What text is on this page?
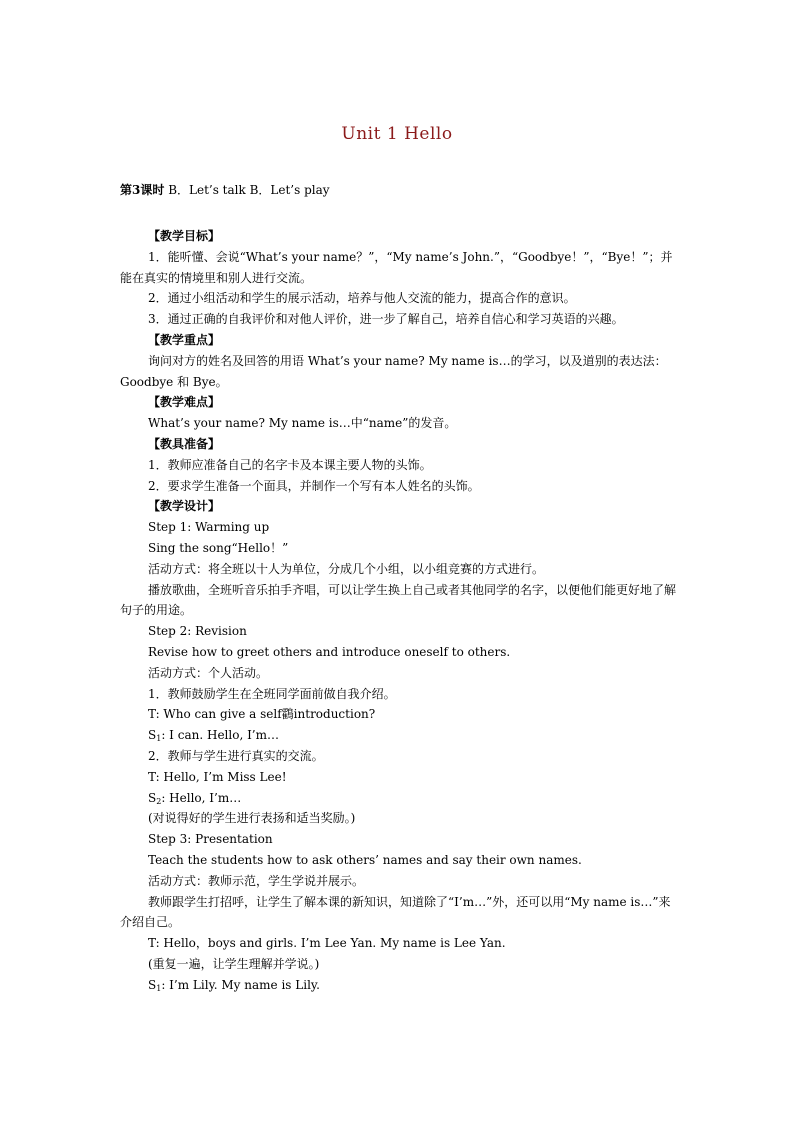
Unit 1 Hello
第3课时 B．Let’s talk B．Let’s play

【教学目标】

1．能听懂、会说“What’s your name？”，“My name’s John.”，“Goodbye！”，“Bye！”；并能在真实的情境里和别人进行交流。

2．通过小组活动和学生的展示活动，培养与他人交流的能力，提高合作的意识。

3．通过正确的自我评价和对他人评价，进一步了解自己，培养自信心和学习英语的兴趣。

【教学重点】

询问对方的姓名及回答的用语 What’s your name? My name is…的学习，以及道别的表达法：Goodbye 和 Bye。

【教学难点】

What’s your name? My name is…中“name”的发音。

【教具准备】

1．教师应准备自己的名字卡及本课主要人物的头饰。

2．要求学生准备一个面具，并制作一个写有本人姓名的头饰。

【教学设计】

Step 1: Warming up

Sing the song“Hello！”

活动方式：将全班以十人为单位，分成几个小组，以小组竞赛的方式进行。

播放歌曲，全班听音乐拍手齐唱，可以让学生换上自己或者其他同学的名字，以便他们能更好地了解句子的用途。

Step 2: Revision

Revise how to greet others and introduce oneself to others.

活动方式：个人活动。

1．教师鼓励学生在全班同学面前做自我介绍。

T: Who can give a self鸖introduction?

$S_1$: I can. Hello, I’m…

2．教师与学生进行真实的交流。

T: Hello, I’m Miss Lee!

$S_2$: Hello, I’m…

(对说得好的学生进行表扬和适当奖励。)

Step 3: Presentation

Teach the students how to ask others’ names and say their own names.

活动方式：教师示范，学生学说并展示。

教师跟学生打招呼，让学生了解本课的新知识，知道除了“I’m…”外，还可以用“My name is…”来介绍自己。

T: Hello，boys and girls. I’m Lee Yan. My name is Lee Yan.

(重复一遍，让学生理解并学说。)

$S_1$: I’m Lily. My name is Lily.
